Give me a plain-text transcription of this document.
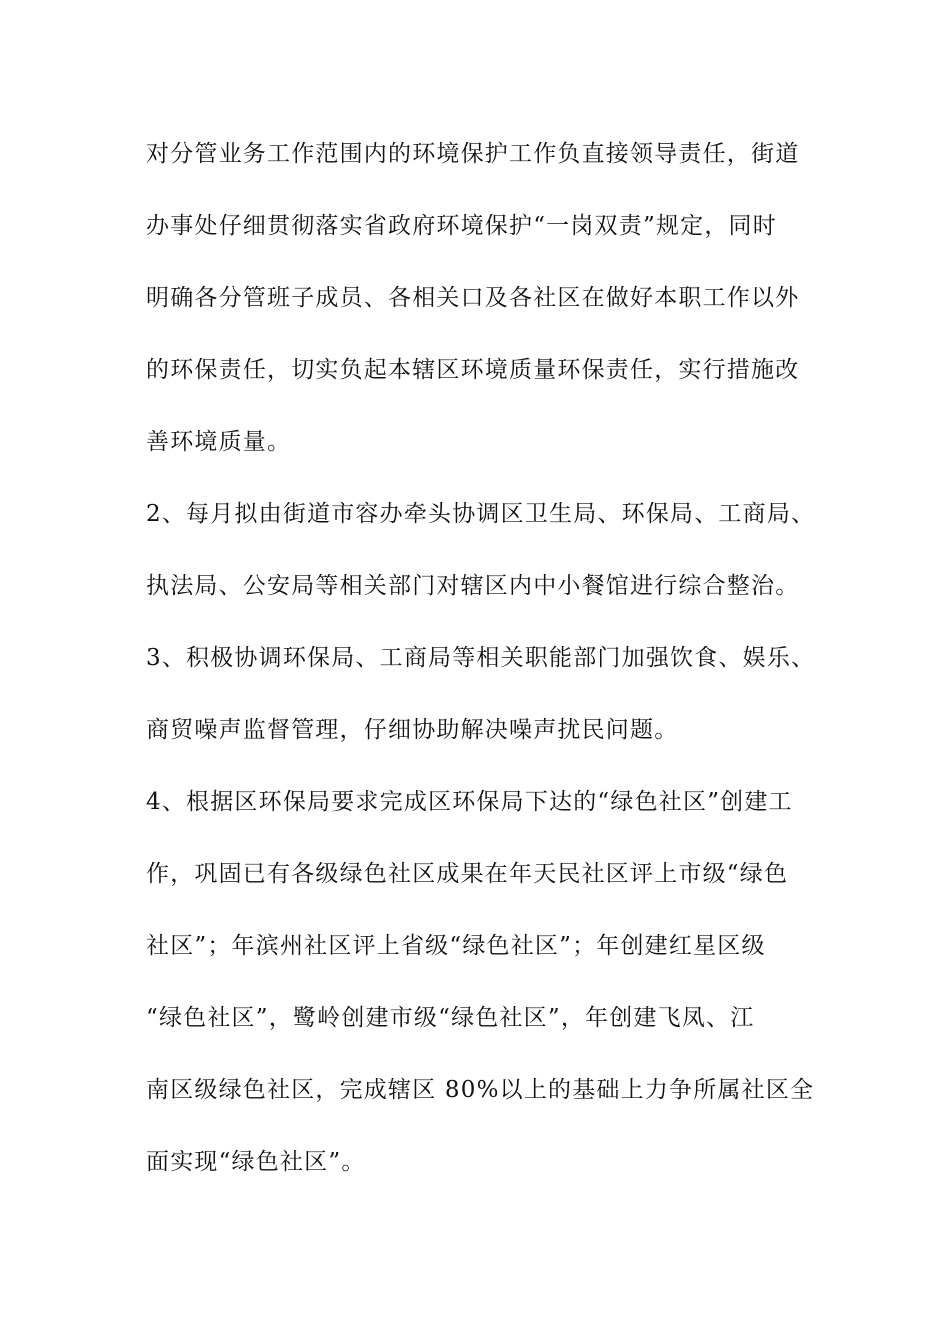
对分管业务工作范围内的环境保护工作负直接领导责任，街道
办事处仔细贯彻落实省政府环境保护“一岗双责”规定，同时
明确各分管班子成员、各相关口及各社区在做好本职工作以外
的环保责任，切实负起本辖区环境质量环保责任，实行措施改
善环境质量。
2、每月拟由街道市容办牵头协调区卫生局、环保局、工商局、
执法局、公安局等相关部门对辖区内中小餐馆进行综合整治。
3、积极协调环保局、工商局等相关职能部门加强饮食、娱乐、
商贸噪声监督管理，仔细协助解决噪声扰民问题。
4、根据区环保局要求完成区环保局下达的“绿色社区”创建工
作，巩固已有各级绿色社区成果在年天民社区评上市级“绿色
社区”；年滨州社区评上省级“绿色社区”；年创建红星区级
“绿色社区”，鹭岭创建市级“绿色社区”，年创建飞凤、江
南区级绿色社区，完成辖区 80%以上的基础上力争所属社区全
面实现“绿色社区”。
